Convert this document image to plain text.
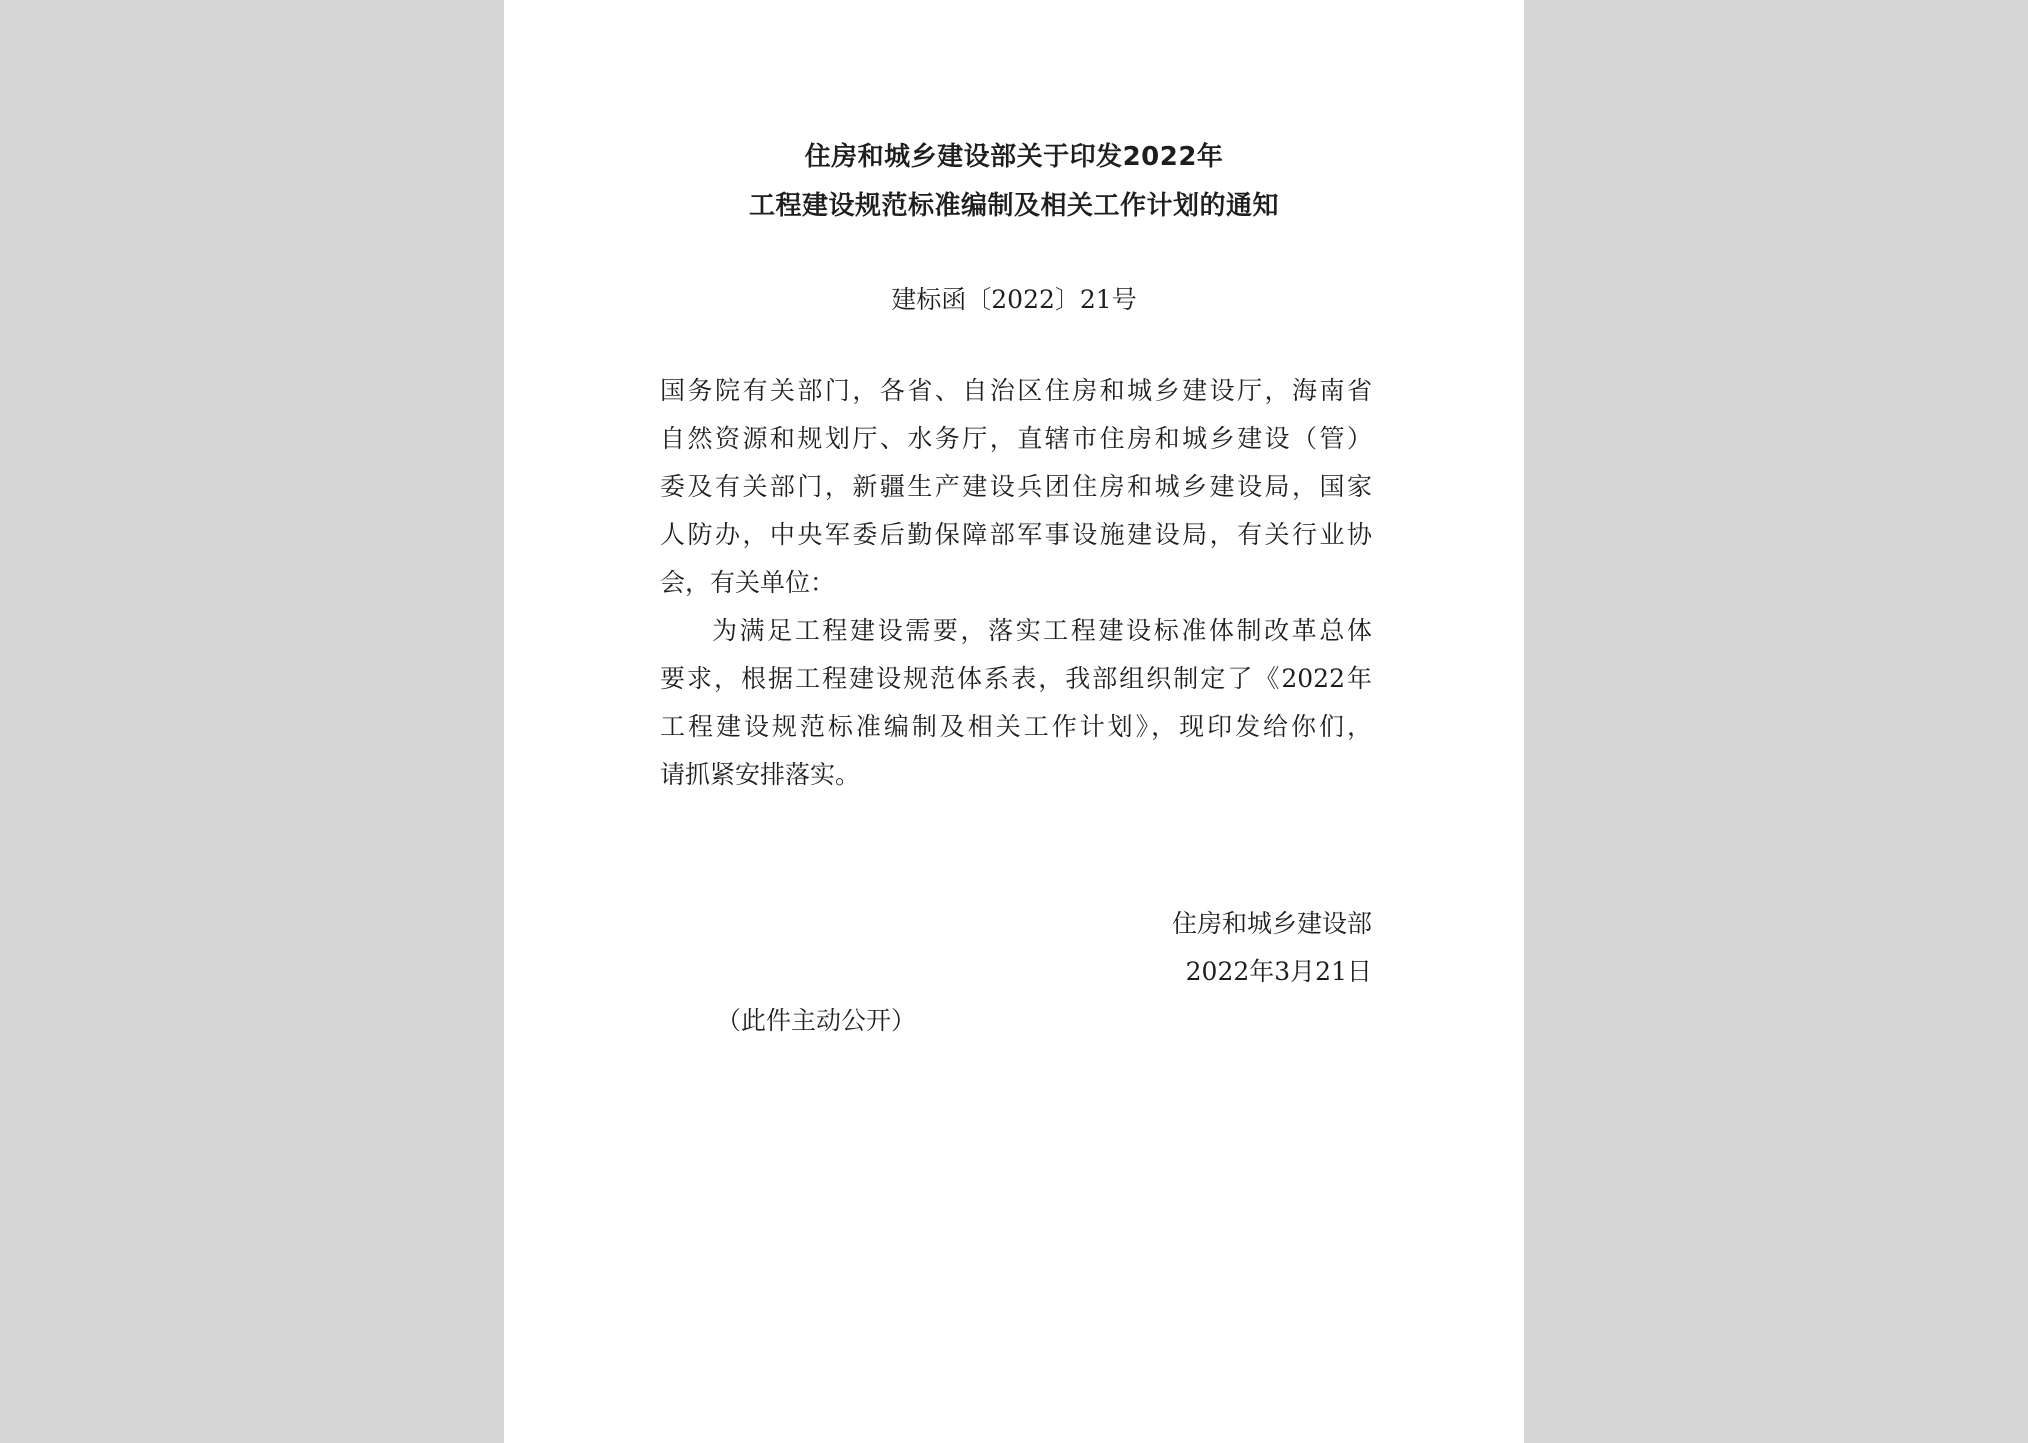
住房和城乡建设部关于印发2022年
工程建设规范标准编制及相关工作计划的通知
建标函〔2022〕21号
国务院有关部门，各省、自治区住房和城乡建设厅，海南省
自然资源和规划厅、水务厅，直辖市住房和城乡建设（管）
委及有关部门，新疆生产建设兵团住房和城乡建设局，国家
人防办，中央军委后勤保障部军事设施建设局，有关行业协
会，有关单位：
为满足工程建设需要，落实工程建设标准体制改革总体
要求，根据工程建设规范体系表，我部组织制定了《2022年
工程建设规范标准编制及相关工作计划》，现印发给你们，
请抓紧安排落实。
住房和城乡建设部
2022年3月21日
（此件主动公开）
